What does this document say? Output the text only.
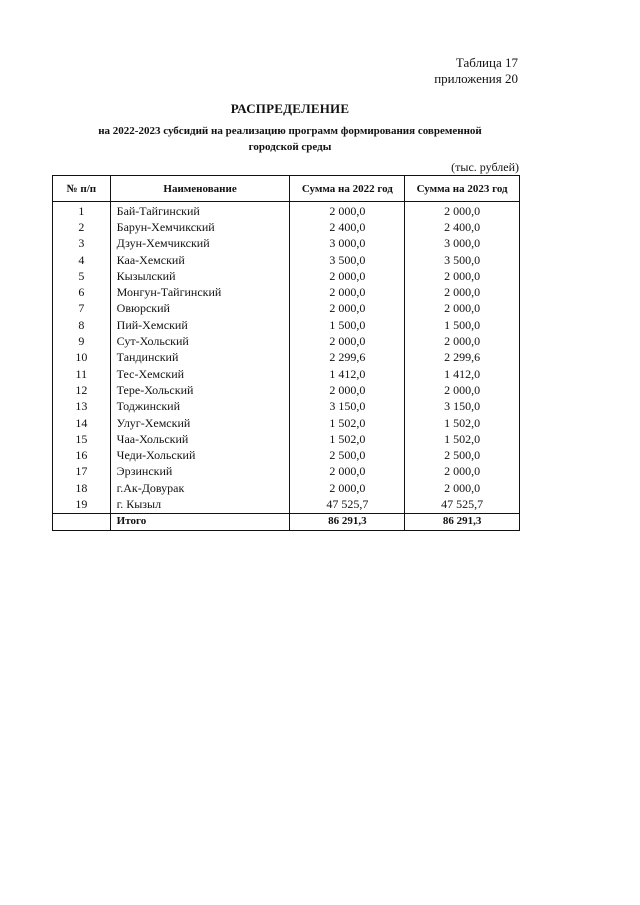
Таблица 17
приложения 20
РАСПРЕДЕЛЕНИЕ
на 2022-2023 субсидий на реализацию программ формирования современной
городской среды
(тыс. рублей)
№ п/п	Наименование	Сумма на 2022 год	Сумма на 2023 год
1	Бай-Тайгинский	2 000,0	2 000,0
2	Барун-Хемчикский	2 400,0	2 400,0
3	Дзун-Хемчикский	3 000,0	3 000,0
4	Каа-Хемский	3 500,0	3 500,0
5	Кызылский	2 000,0	2 000,0
6	Монгун-Тайгинский	2 000,0	2 000,0
7	Овюрский	2 000,0	2 000,0
8	Пий-Хемский	1 500,0	1 500,0
9	Сут-Хольский	2 000,0	2 000,0
10	Тандинский	2 299,6	2 299,6
11	Тес-Хемский	1 412,0	1 412,0
12	Тере-Хольский	2 000,0	2 000,0
13	Тоджинский	3 150,0	3 150,0
14	Улуг-Хемский	1 502,0	1 502,0
15	Чаа-Хольский	1 502,0	1 502,0
16	Чеди-Хольский	2 500,0	2 500,0
17	Эрзинский	2 000,0	2 000,0
18	г.Ак-Довурак	2 000,0	2 000,0
19	г. Кызыл	47 525,7	47 525,7
	Итого	86 291,3	86 291,3
